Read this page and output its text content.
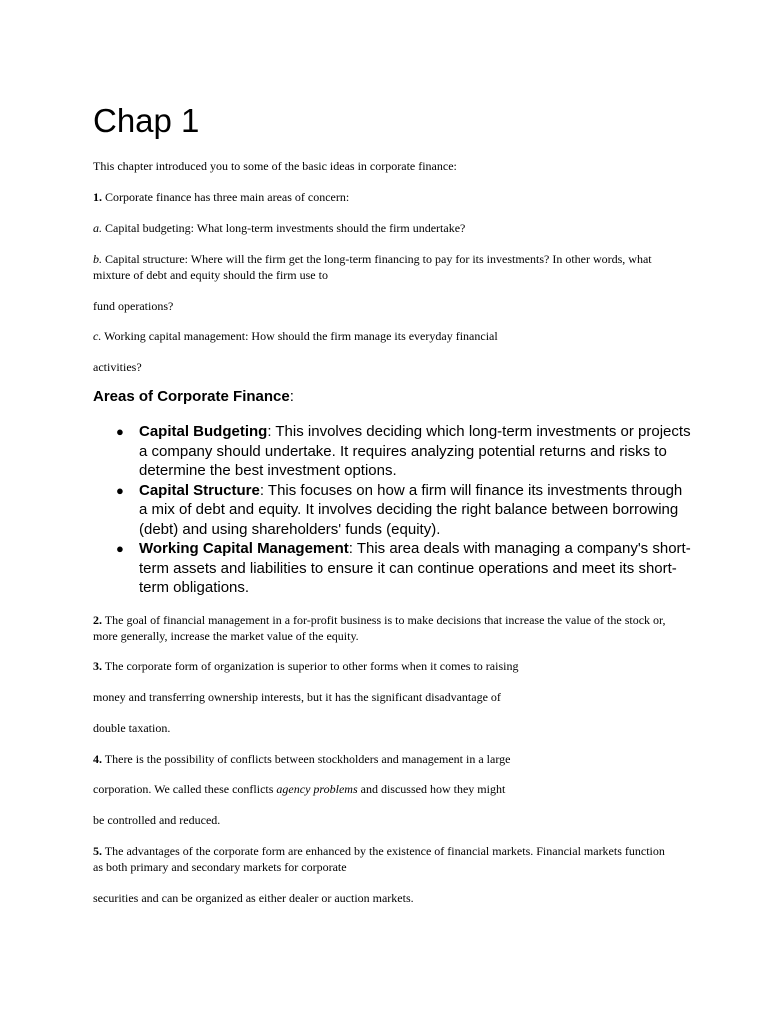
Chap 1

This chapter introduced you to some of the basic ideas in corporate finance:

1. Corporate finance has three main areas of concern:

a. Capital budgeting: What long-term investments should the firm undertake?

b. Capital structure: Where will the firm get the long-term financing to pay for its investments? In other words, what mixture of debt and equity should the firm use to

fund operations?

c. Working capital management: How should the firm manage its everyday financial

activities?

Areas of Corporate Finance:
● Capital Budgeting: This involves deciding which long-term investments or projects a company should undertake. It requires analyzing potential returns and risks to determine the best investment options.
● Capital Structure: This focuses on how a firm will finance its investments through a mix of debt and equity. It involves deciding the right balance between borrowing (debt) and using shareholders' funds (equity).
● Working Capital Management: This area deals with managing a company's short-term assets and liabilities to ensure it can continue operations and meet its short-term obligations.

2. The goal of financial management in a for-profit business is to make decisions that increase the value of the stock or, more generally, increase the market value of the equity.

3. The corporate form of organization is superior to other forms when it comes to raising

money and transferring ownership interests, but it has the significant disadvantage of

double taxation.

4. There is the possibility of conflicts between stockholders and management in a large

corporation. We called these conflicts agency problems and discussed how they might

be controlled and reduced.

5. The advantages of the corporate form are enhanced by the existence of financial markets. Financial markets function as both primary and secondary markets for corporate

securities and can be organized as either dealer or auction markets.
